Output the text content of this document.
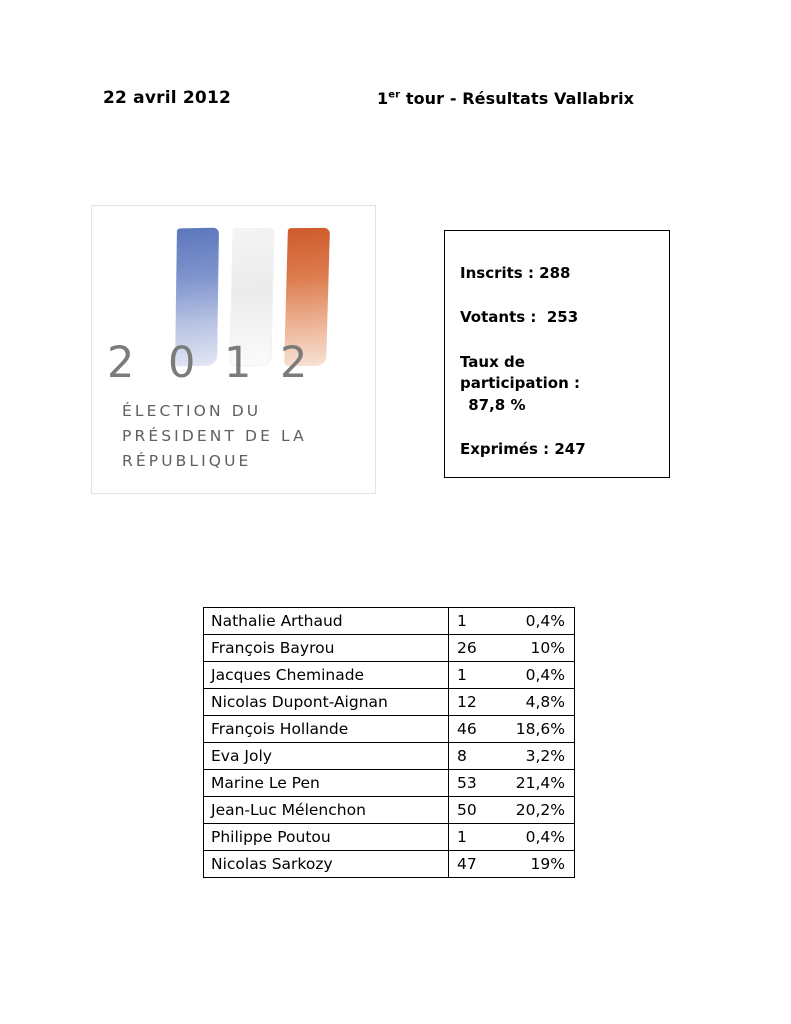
22 avril 2012	1er tour - Résultats Vallabrix
2 0 1 2
ÉLECTION DU PRÉSIDENT DE LA RÉPUBLIQUE
Inscrits : 288
Votants :  253
Taux de
participation :
87,8 %
Exprimés : 247
Nathalie Arthaud	1	0,4%
François Bayrou	26	10%
Jacques Cheminade	1	0,4%
Nicolas Dupont-Aignan	12	4,8%
François Hollande	46	18,6%
Eva Joly	8	3,2%
Marine Le Pen	53	21,4%
Jean-Luc Mélenchon	50	20,2%
Philippe Poutou	1	0,4%
Nicolas Sarkozy	47	19%
